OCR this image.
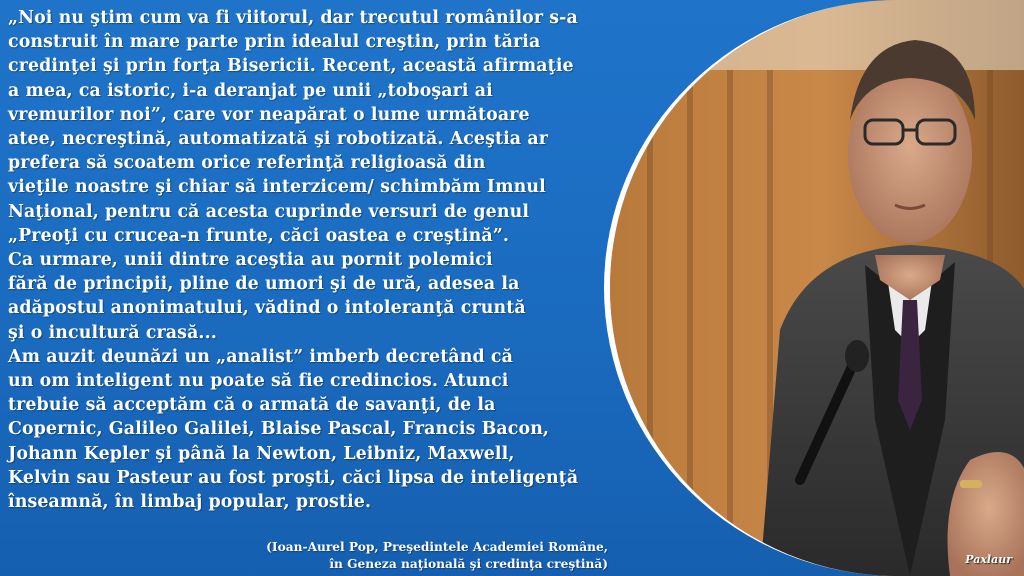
„Noi nu ştim cum va fi viitorul, dar trecutul românilor s-a
construit în mare parte prin idealul creştin, prin tăria
credinţei şi prin forţa Bisericii. Recent, această afirmaţie
a mea, ca istoric, i-a deranjat pe unii „toboşari ai
vremurilor noi”, care vor neapărat o lume următoare
atee, necreştină, automatizată şi robotizată. Aceştia ar
prefera să scoatem orice referinţă religioasă din
vieţile noastre şi chiar să interzicem/ schimbăm Imnul
Naţional, pentru că acesta cuprinde versuri de genul
„Preoţi cu crucea-n frunte, căci oastea e creştină”.
Ca urmare, unii dintre aceştia au pornit polemici
fără de principii, pline de umori şi de ură, adesea la
adăpostul anonimatului, vădind o intoleranţă cruntă
şi o incultură crasă...
Am auzit deunăzi un „analist” imberb decretând că
un om inteligent nu poate să fie credincios. Atunci
trebuie să acceptăm că o armată de savanţi, de la
Copernic, Galileo Galilei, Blaise Pascal, Francis Bacon,
Johann Kepler şi până la Newton, Leibniz, Maxwell,
Kelvin sau Pasteur au fost proşti, căci lipsa de inteligenţă
înseamnă, în limbaj popular, prostie.

(Ioan-Aurel Pop, Preşedintele Academiei Române,
în Geneza naţională şi credinţa creştină)	Paxlaur
